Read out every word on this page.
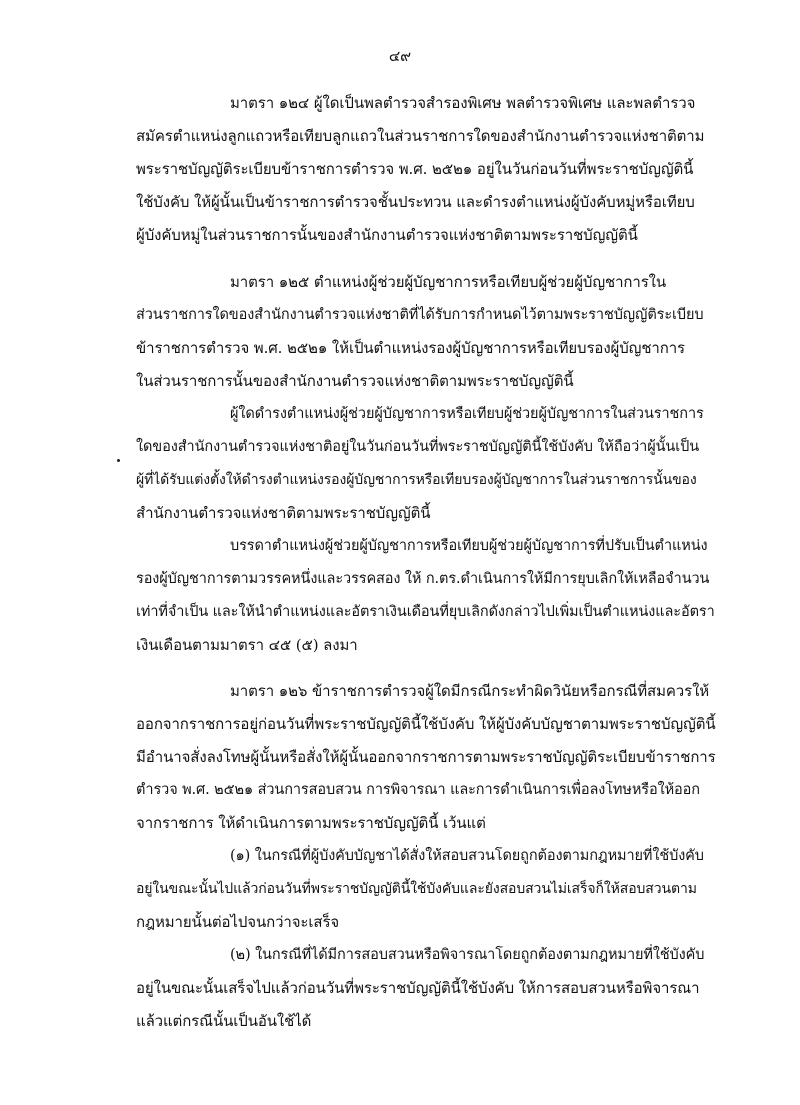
๔๙
มาตรา ๑๒๔ ผู้ใดเป็นพลตำรวจสำรองพิเศษ พลตำรวจพิเศษ และพลตำรวจ
สมัครตำแหน่งลูกแถวหรือเทียบลูกแถวในส่วนราชการใดของสำนักงานตำรวจแห่งชาติตาม
พระราชบัญญัติระเบียบข้าราชการตำรวจ พ.ศ. ๒๕๒๑ อยู่ในวันก่อนวันที่พระราชบัญญัตินี้
ใช้บังคับ ให้ผู้นั้นเป็นข้าราชการตำรวจชั้นประทวน และดำรงตำแหน่งผู้บังคับหมู่หรือเทียบ
ผู้บังคับหมู่ในส่วนราชการนั้นของสำนักงานตำรวจแห่งชาติตามพระราชบัญญัตินี้
มาตรา ๑๒๕ ตำแหน่งผู้ช่วยผู้บัญชาการหรือเทียบผู้ช่วยผู้บัญชาการใน
ส่วนราชการใดของสำนักงานตำรวจแห่งชาติที่ได้รับการกำหนดไว้ตามพระราชบัญญัติระเบียบ
ข้าราชการตำรวจ พ.ศ. ๒๕๒๑ ให้เป็นตำแหน่งรองผู้บัญชาการหรือเทียบรองผู้บัญชาการ
ในส่วนราชการนั้นของสำนักงานตำรวจแห่งชาติตามพระราชบัญญัตินี้
ผู้ใดดำรงตำแหน่งผู้ช่วยผู้บัญชาการหรือเทียบผู้ช่วยผู้บัญชาการในส่วนราชการ
ใดของสำนักงานตำรวจแห่งชาติอยู่ในวันก่อนวันที่พระราชบัญญัตินี้ใช้บังคับ ให้ถือว่าผู้นั้นเป็น
ผู้ที่ได้รับแต่งตั้งให้ดำรงตำแหน่งรองผู้บัญชาการหรือเทียบรองผู้บัญชาการในส่วนราชการนั้นของ
สำนักงานตำรวจแห่งชาติตามพระราชบัญญัตินี้
บรรดาตำแหน่งผู้ช่วยผู้บัญชาการหรือเทียบผู้ช่วยผู้บัญชาการที่ปรับเป็นตำแหน่ง
รองผู้บัญชาการตามวรรคหนึ่งและวรรคสอง ให้ ก.ตร.ดำเนินการให้มีการยุบเลิกให้เหลือจำนวน
เท่าที่จำเป็น และให้นำตำแหน่งและอัตราเงินเดือนที่ยุบเลิกดังกล่าวไปเพิ่มเป็นตำแหน่งและอัตรา
เงินเดือนตามมาตรา ๔๕ (๕) ลงมา
มาตรา ๑๒๖ ข้าราชการตำรวจผู้ใดมีกรณีกระทำผิดวินัยหรือกรณีที่สมควรให้
ออกจากราชการอยู่ก่อนวันที่พระราชบัญญัตินี้ใช้บังคับ ให้ผู้บังคับบัญชาตามพระราชบัญญัตินี้
มีอำนาจสั่งลงโทษผู้นั้นหรือสั่งให้ผู้นั้นออกจากราชการตามพระราชบัญญัติระเบียบข้าราชการ
ตำรวจ พ.ศ. ๒๕๒๑ ส่วนการสอบสวน การพิจารณา และการดำเนินการเพื่อลงโทษหรือให้ออก
จากราชการ ให้ดำเนินการตามพระราชบัญญัตินี้ เว้นแต่
(๑) ในกรณีที่ผู้บังคับบัญชาได้สั่งให้สอบสวนโดยถูกต้องตามกฎหมายที่ใช้บังคับ
อยู่ในขณะนั้นไปแล้วก่อนวันที่พระราชบัญญัตินี้ใช้บังคับและยังสอบสวนไม่เสร็จก็ให้สอบสวนตาม
กฎหมายนั้นต่อไปจนกว่าจะเสร็จ
(๒) ในกรณีที่ได้มีการสอบสวนหรือพิจารณาโดยถูกต้องตามกฎหมายที่ใช้บังคับ
อยู่ในขณะนั้นเสร็จไปแล้วก่อนวันที่พระราชบัญญัตินี้ใช้บังคับ ให้การสอบสวนหรือพิจารณา
แล้วแต่กรณีนั้นเป็นอันใช้ได้
